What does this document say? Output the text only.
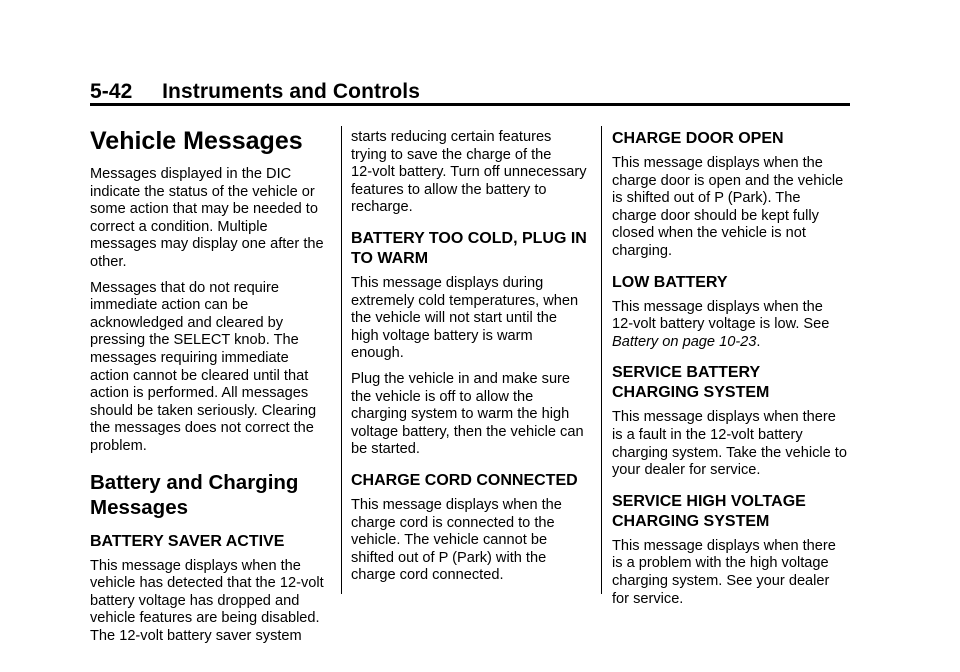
5-42     Instruments and Controls
Vehicle Messages

Messages displayed in the DIC
indicate the status of the vehicle or
some action that may be needed to
correct a condition. Multiple
messages may display one after the
other.

Messages that do not require
immediate action can be
acknowledged and cleared by
pressing the SELECT knob. The
messages requiring immediate
action cannot be cleared until that
action is performed. All messages
should be taken seriously. Clearing
the messages does not correct the
problem.

Battery and Charging
Messages
BATTERY SAVER ACTIVE

This message displays when the
vehicle has detected that the 12-volt
battery voltage has dropped and
vehicle features are being disabled.
The 12-volt battery saver system

starts reducing certain features
trying to save the charge of the
12-volt battery. Turn off unnecessary
features to allow the battery to
recharge.

BATTERY TOO COLD, PLUG IN
TO WARM

This message displays during
extremely cold temperatures, when
the vehicle will not start until the
high voltage battery is warm
enough.

Plug the vehicle in and make sure
the vehicle is off to allow the
charging system to warm the high
voltage battery, then the vehicle can
be started.

CHARGE CORD CONNECTED

This message displays when the
charge cord is connected to the
vehicle. The vehicle cannot be
shifted out of P (Park) with the
charge cord connected.

CHARGE DOOR OPEN

This message displays when the
charge door is open and the vehicle
is shifted out of P (Park). The
charge door should be kept fully
closed when the vehicle is not
charging.

LOW BATTERY

This message displays when the
12-volt battery voltage is low. See
Battery on page 10-23.

SERVICE BATTERY
CHARGING SYSTEM

This message displays when there
is a fault in the 12-volt battery
charging system. Take the vehicle to
your dealer for service.

SERVICE HIGH VOLTAGE
CHARGING SYSTEM

This message displays when there
is a problem with the high voltage
charging system. See your dealer
for service.
